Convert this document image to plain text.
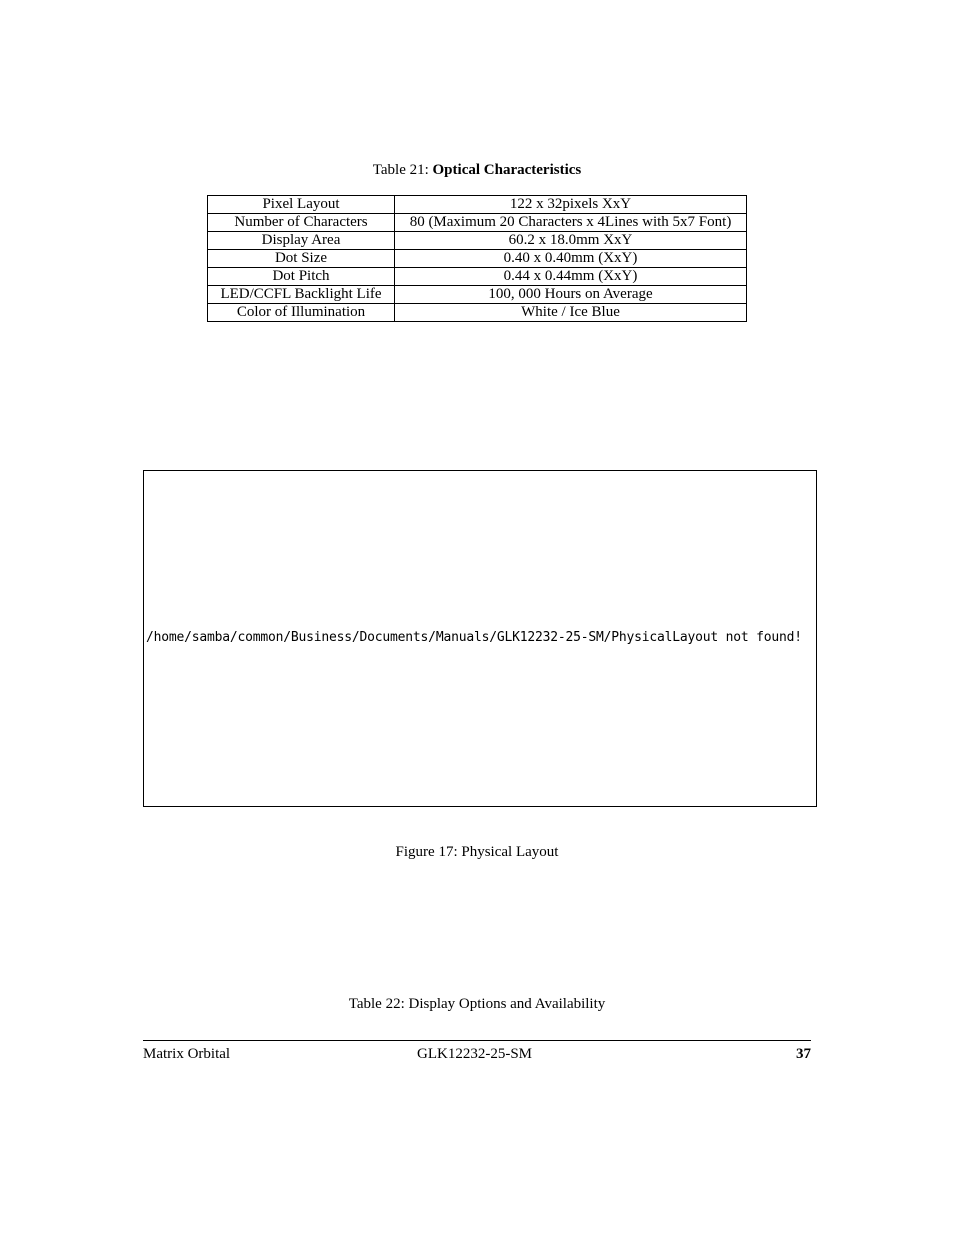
Table 21: Optical Characteristics
Pixel Layout	122 x 32pixels XxY
Number of Characters	80 (Maximum 20 Characters x 4Lines with 5x7 Font)
Display Area	60.2 x 18.0mm XxY
Dot Size	0.40 x 0.40mm (XxY)
Dot Pitch	0.44 x 0.44mm (XxY)
LED/CCFL Backlight Life	100, 000 Hours on Average
Color of Illumination	White / Ice Blue
/home/samba/common/Business/Documents/Manuals/GLK12232-25-SM/PhysicalLayout not found!
Figure 17: Physical Layout
Table 22: Display Options and Availability
Matrix Orbital	GLK12232-25-SM	37
